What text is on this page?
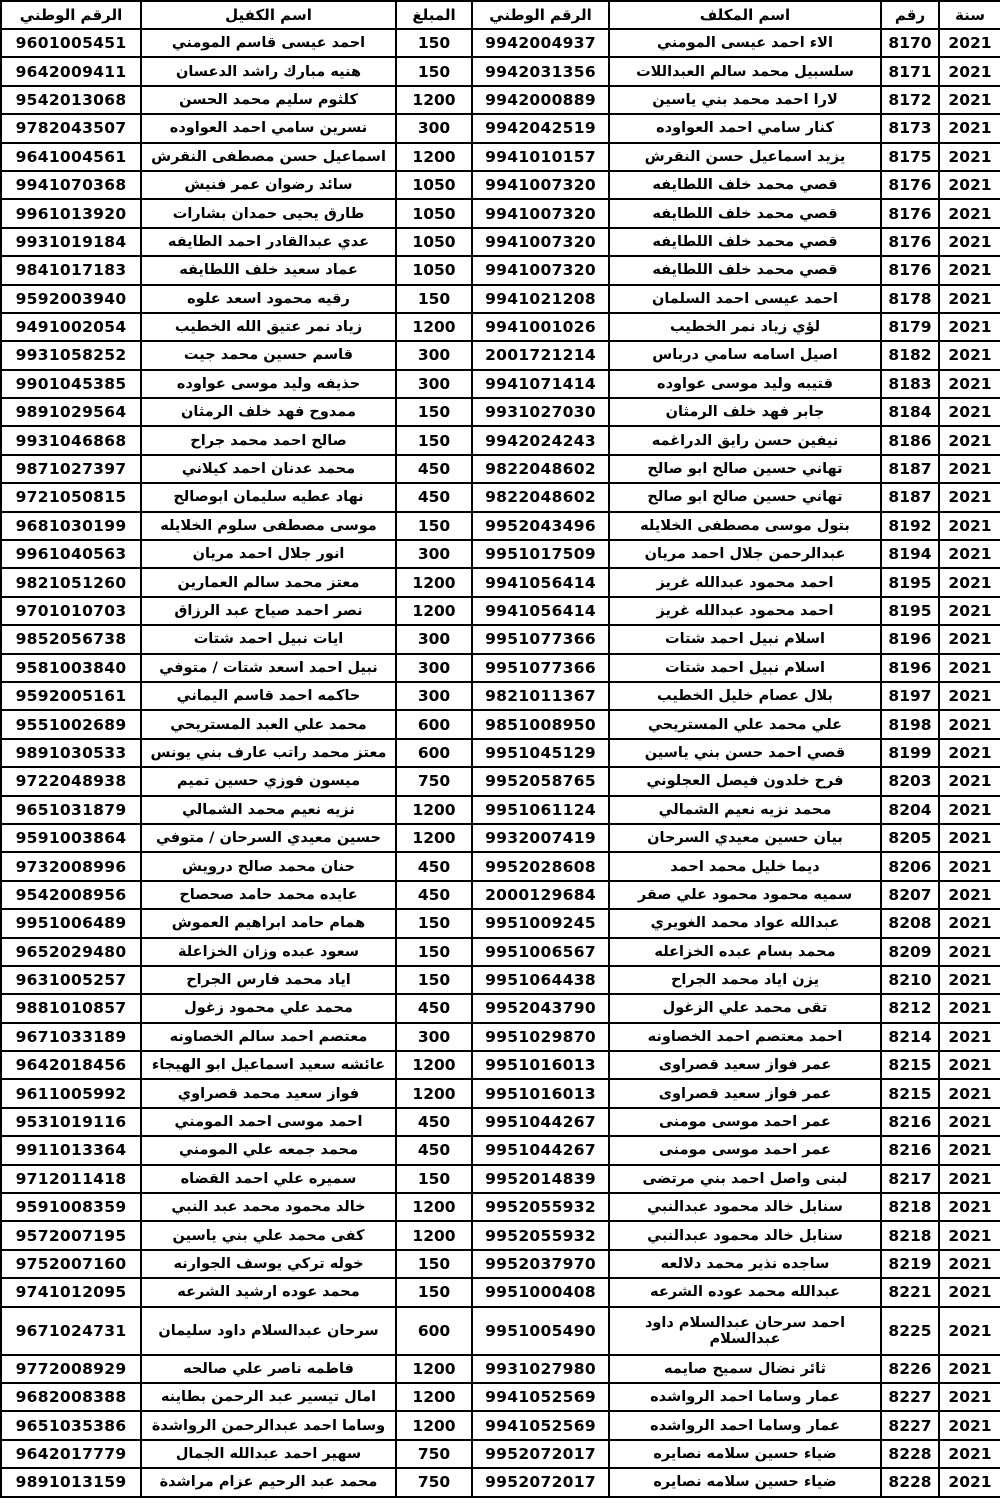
سنة	رقم	اسم المكلف	الرقم الوطني	المبلغ	اسم الكفيل	الرقم الوطني
2021	8170	الاء احمد عيسى المومني	9942004937	150	احمد عيسى قاسم المومني	9601005451
2021	8171	سلسبيل محمد سالم العبداللات	9942031356	150	هنيه مبارك راشد الدعسان	9642009411
2021	8172	لارا احمد محمد بني ياسين	9942000889	1200	كلثوم سليم محمد الحسن	9542013068
2021	8173	كنار سامي احمد العواوده	9942042519	300	نسرين سامي احمد العواوده	9782043507
2021	8175	يزيد اسماعيل حسن النقرش	9941010157	1200	اسماعيل حسن مصطفى النقرش	9641004561
2021	8176	قصي محمد خلف اللطايفه	9941007320	1050	سائد رضوان عمر فنيش	9941070368
2021	8176	قصي محمد خلف اللطايفه	9941007320	1050	طارق يحيى حمدان بشارات	9961013920
2021	8176	قصي محمد خلف اللطايفه	9941007320	1050	عدي عبدالقادر احمد الطايفه	9931019184
2021	8176	قصي محمد خلف اللطايفه	9941007320	1050	عماد سعيد خلف اللطايفه	9841017183
2021	8178	احمد عيسى احمد السلمان	9941021208	150	رقيه محمود اسعد علوه	9592003940
2021	8179	لؤي زياد نمر الخطيب	9941001026	1200	زياد نمر عتيق الله الخطيب	9491002054
2021	8182	اصيل اسامه سامي درباس	2001721214	300	قاسم حسين محمد جيت	9931058252
2021	8183	قتيبه وليد موسى عواوده	9941071414	300	حذيفه وليد موسى عواوده	9901045385
2021	8184	جابر فهد خلف الرمثان	9931027030	150	ممدوح فهد خلف الرمثان	9891029564
2021	8186	نيفين حسن رايق الدراغمه	9942024243	150	صالح احمد محمد جراح	9931046868
2021	8187	تهاني حسين صالح ابو صالح	9822048602	450	محمد عدنان احمد كيلاني	9871027397
2021	8187	تهاني حسين صالح ابو صالح	9822048602	450	نهاد عطيه سليمان ابوصالح	9721050815
2021	8192	بتول موسى مصطفى الخلايله	9952043496	150	موسى مصطفى سلوم الخلايله	9681030199
2021	8194	عبدالرحمن جلال احمد مريان	9951017509	300	انور جلال احمد مريان	9961040563
2021	8195	احمد محمود عبدالله غريز	9941056414	1200	معتز محمد سالم العمارين	9821051260
2021	8195	احمد محمود عبدالله غريز	9941056414	1200	نصر احمد صياح عبد الرزاق	9701010703
2021	8196	اسلام نبيل احمد شتات	9951077366	300	ايات نبيل احمد شتات	9852056738
2021	8196	اسلام نبيل احمد شتات	9951077366	300	نبيل احمد اسعد شتات / متوفي	9581003840
2021	8197	بلال عصام خليل الخطيب	9821011367	300	حاكمه احمد قاسم اليماني	9592005161
2021	8198	علي محمد علي المستريحي	9851008950	600	محمد علي العبد المستريحي	9551002689
2021	8199	قصي احمد حسن بني ياسين	9951045129	600	معتز محمد راتب عارف بني يونس	9891030533
2021	8203	فرح خلدون فيصل العجلوني	9952058765	750	ميسون فوزي حسين تميم	9722048938
2021	8204	محمد نزيه نعيم الشمالي	9951061124	1200	نزيه نعيم محمد الشمالي	9651031879
2021	8205	بيان حسين معيدي السرحان	9932007419	1200	حسين معيدي السرحان / متوفي	9591003864
2021	8206	ديما خليل محمد احمد	9952028608	450	حنان محمد صالح درويش	9732008996
2021	8207	سميه محمود محمود علي صقر	2000129684	450	عايده محمد حامد صحصاح	9542008956
2021	8208	عبدالله عواد محمد الغويري	9951009245	150	همام حامد ابراهيم العموش	9951006489
2021	8209	محمد بسام عبده الخزاعله	9951006567	150	سعود عبده وزان الخزاعلة	9652029480
2021	8210	يزن اياد محمد الجراح	9951064438	150	اياد محمد فارس الجراح	9631005257
2021	8212	تقى محمد علي الزغول	9952043790	450	محمد علي محمود زغول	9881010857
2021	8214	احمد معتصم احمد الخصاونه	9951029870	300	معتصم احمد سالم الخصاونه	9671033189
2021	8215	عمر فواز سعيد قصراوى	9951016013	1200	عائشه سعيد اسماعيل ابو الهيجاء	9642018456
2021	8215	عمر فواز سعيد قصراوى	9951016013	1200	فواز سعيد محمد قصراوي	9611005992
2021	8216	عمر احمد موسى مومنى	9951044267	450	احمد موسى احمد المومني	9531019116
2021	8216	عمر احمد موسى مومنى	9951044267	450	محمد جمعه علي المومني	9911013364
2021	8217	لبنى واصل احمد بني مرتضى	9952014839	150	سميره علي احمد القضاه	9712011418
2021	8218	سنابل خالد محمود عبدالنبي	9952055932	1200	خالد محمود محمد عبد النبي	9591008359
2021	8218	سنابل خالد محمود عبدالنبي	9952055932	1200	كفى محمد علي بني ياسين	9572007195
2021	8219	ساجده نذير محمد دلالعه	9952037970	150	خوله تركي يوسف الجوارنه	9752007160
2021	8221	عبدالله محمد عوده الشرعه	9951000408	150	محمد عوده ارشيد الشرعه	9741012095
2021	8225	احمد سرحان عبدالسلام داود عبدالسلام	9951005490	600	سرحان عبدالسلام داود سليمان	9671024731
2021	8226	ثائر نضال سميح صايمه	9931027980	1200	فاطمه ناصر علي صالحه	9772008929
2021	8227	عمار وساما احمد الرواشده	9941052569	1200	امال تيسير عبد الرحمن بطاينه	9682008388
2021	8227	عمار وساما احمد الرواشده	9941052569	1200	وساما احمد عبدالرحمن الرواشدة	9651035386
2021	8228	ضياء حسين سلامه نصايره	9952072017	750	سهير احمد عبدالله الجمال	9642017779
2021	8228	ضياء حسين سلامه نصايره	9952072017	750	محمد عبد الرحيم عزام مراشدة	9891013159
